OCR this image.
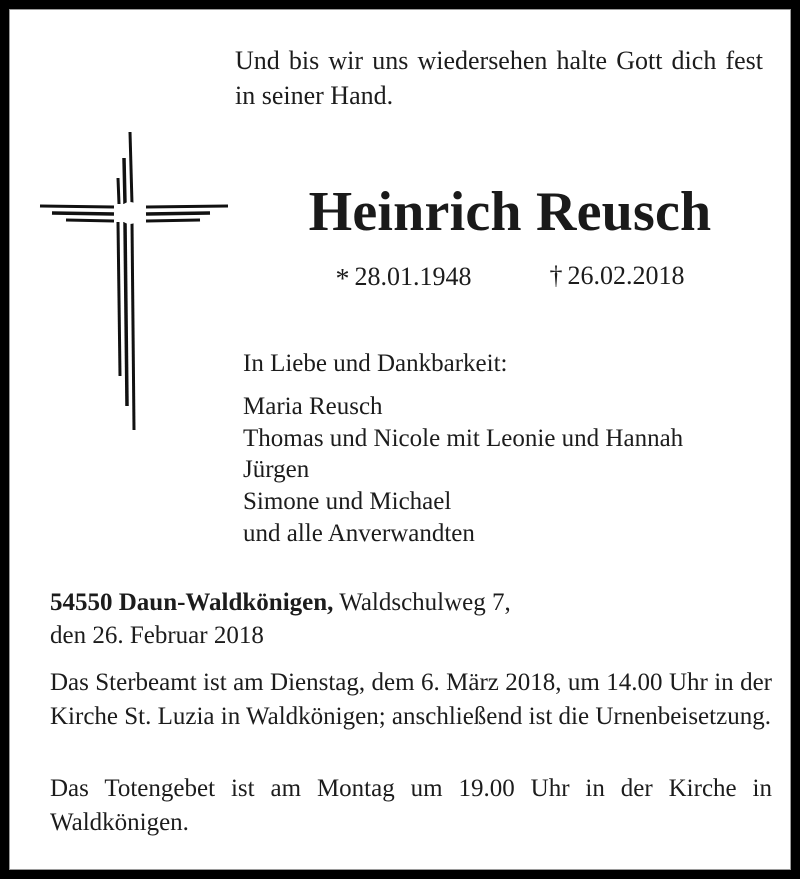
Und bis wir uns wiedersehen halte Gott dich fest in seiner Hand.
Heinrich Reusch
* 28.01.1948	† 26.02.2018
In Liebe und Dankbarkeit:
Maria Reusch
Thomas und Nicole mit Leonie und Hannah
Jürgen
Simone und Michael
und alle Anverwandten
54550 Daun-Waldkönigen, Waldschulweg 7,
den 26. Februar 2018
Das Sterbeamt ist am Dienstag, dem 6. März 2018, um 14.00 Uhr in der Kirche St. Luzia in Waldkönigen; anschließend ist die Urnenbeisetzung.
Das Totengebet ist am Montag um 19.00 Uhr in der Kirche in Waldkönigen.
